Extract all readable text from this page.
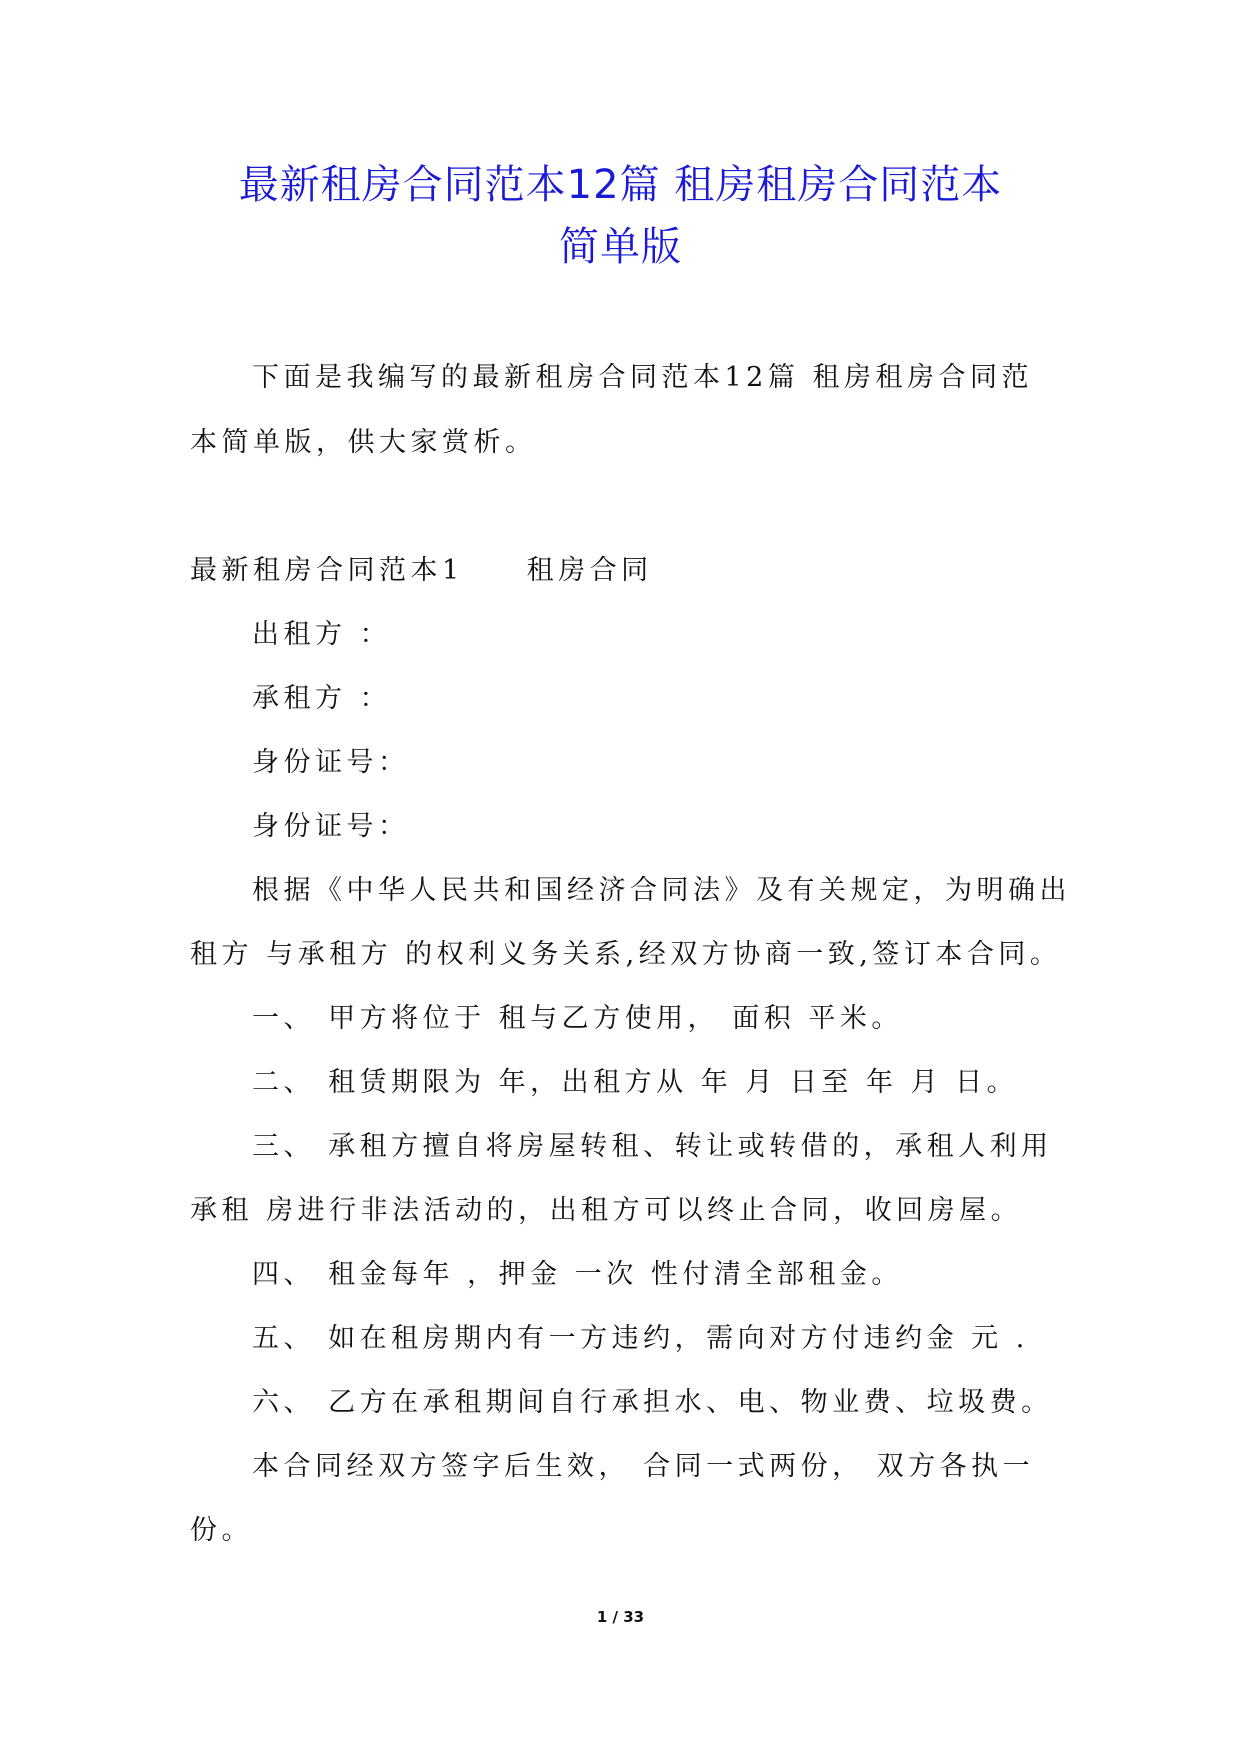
最新租房合同范本12篇 租房租房合同范本
简单版

下面是我编写的最新租房合同范本12篇 租房租房合同范

本简单版，供大家赏析。

最新租房合同范本1　　租房合同

出租方 ：

承租方 ：

身份证号：

身份证号：

根据《中华人民共和国经济合同法》及有关规定，为明确出

租方 与承租方 的权利义务关系,经双方协商一致,签订本合同。

一、 甲方将位于 租与乙方使用， 面积 平米。

二、 租赁期限为 年，出租方从 年 月 日至 年 月 日。

三、 承租方擅自将房屋转租、转让或转借的，承租人利用

承租 房进行非法活动的，出租方可以终止合同，收回房屋。

四、 租金每年 ，押金 一次 性付清全部租金。

五、 如在租房期内有一方违约，需向对方付违约金 元 .

六、 乙方在承租期间自行承担水、电、物业费、垃圾费。

本合同经双方签字后生效， 合同一式两份， 双方各执一

份。

1 / 33
